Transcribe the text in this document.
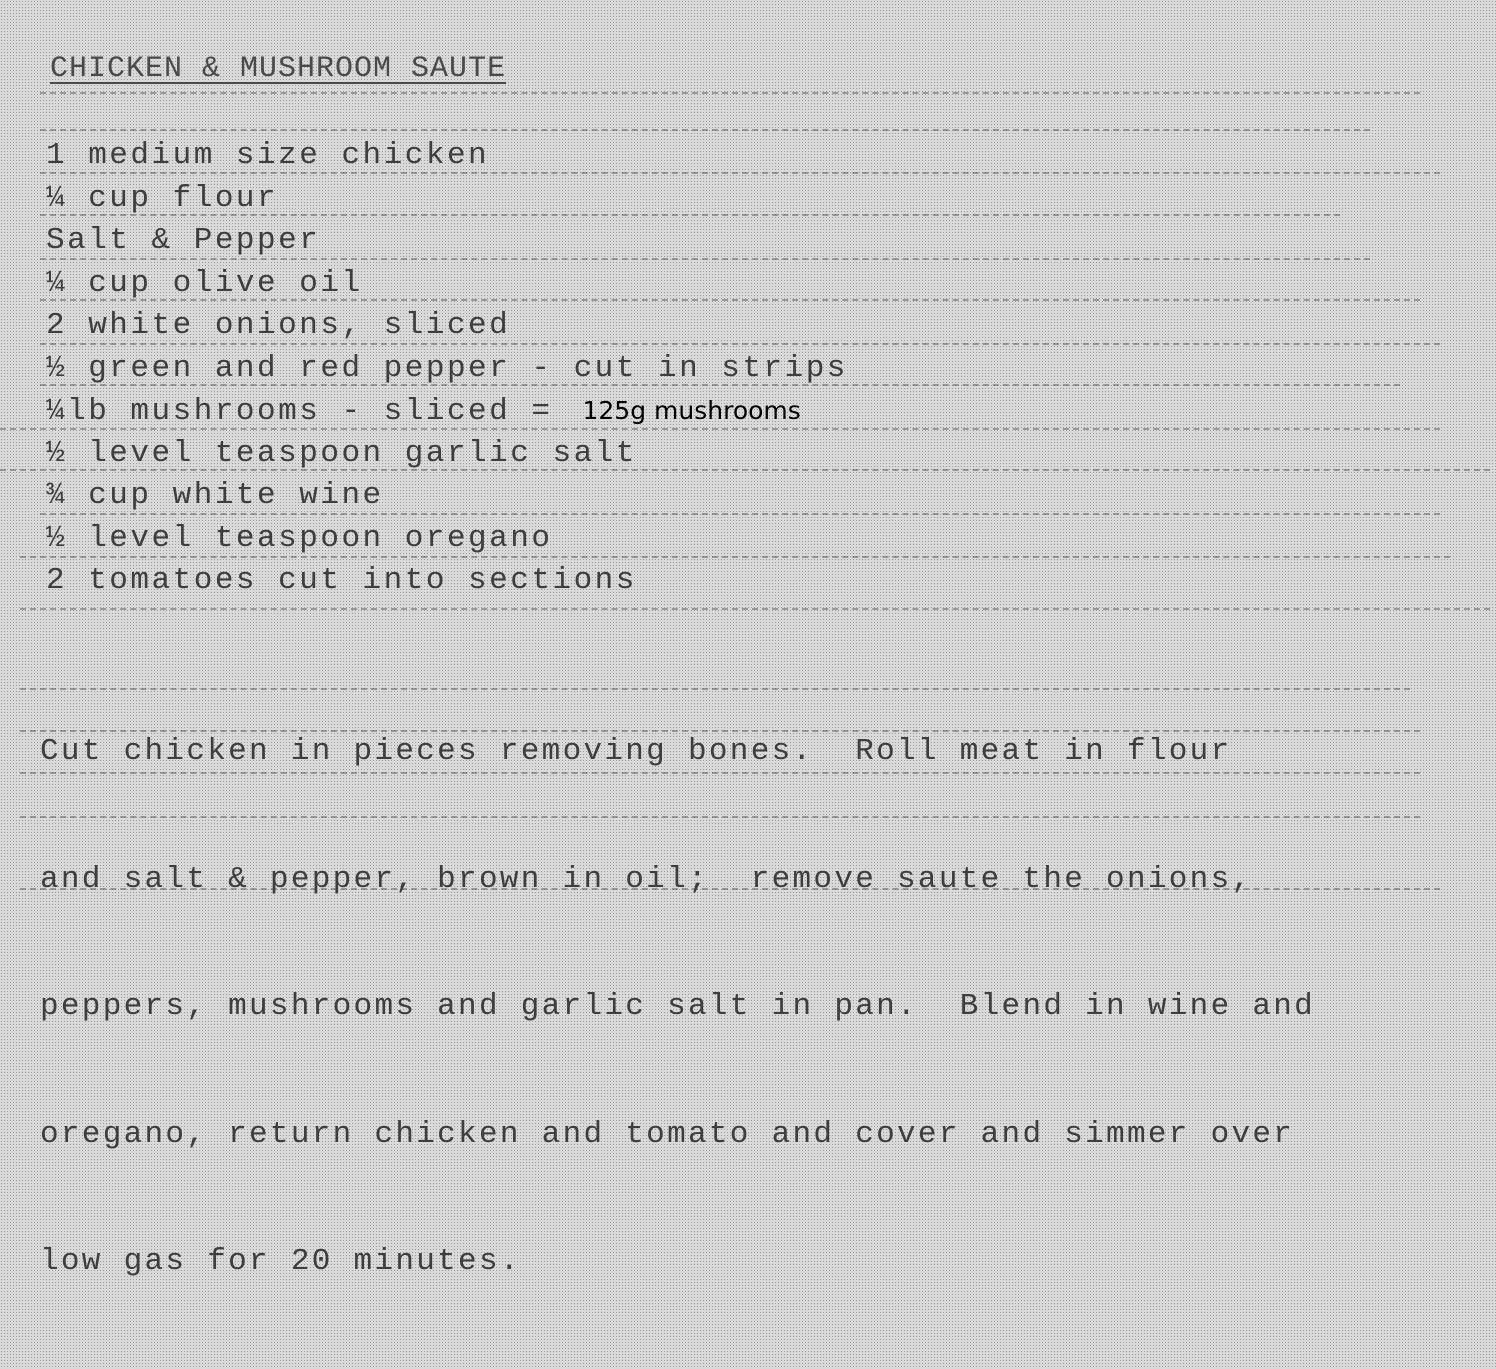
CHICKEN & MUSHROOM SAUTE
1 medium size chicken
¼ cup flour
Salt & Pepper
¼ cup olive oil
2 white onions, sliced
½ green and red pepper - cut in strips
¼lb mushrooms - sliced = 125g mushrooms
½ level teaspoon garlic salt
¾ cup white wine
½ level teaspoon oregano
2 tomatoes cut into sections

Cut chicken in pieces removing bones.  Roll meat in flour

and salt & pepper, brown in oil;  remove saute the onions,

peppers, mushrooms and garlic salt in pan.  Blend in wine and

oregano, return chicken and tomato and cover and simmer over

low gas for 20 minutes.
